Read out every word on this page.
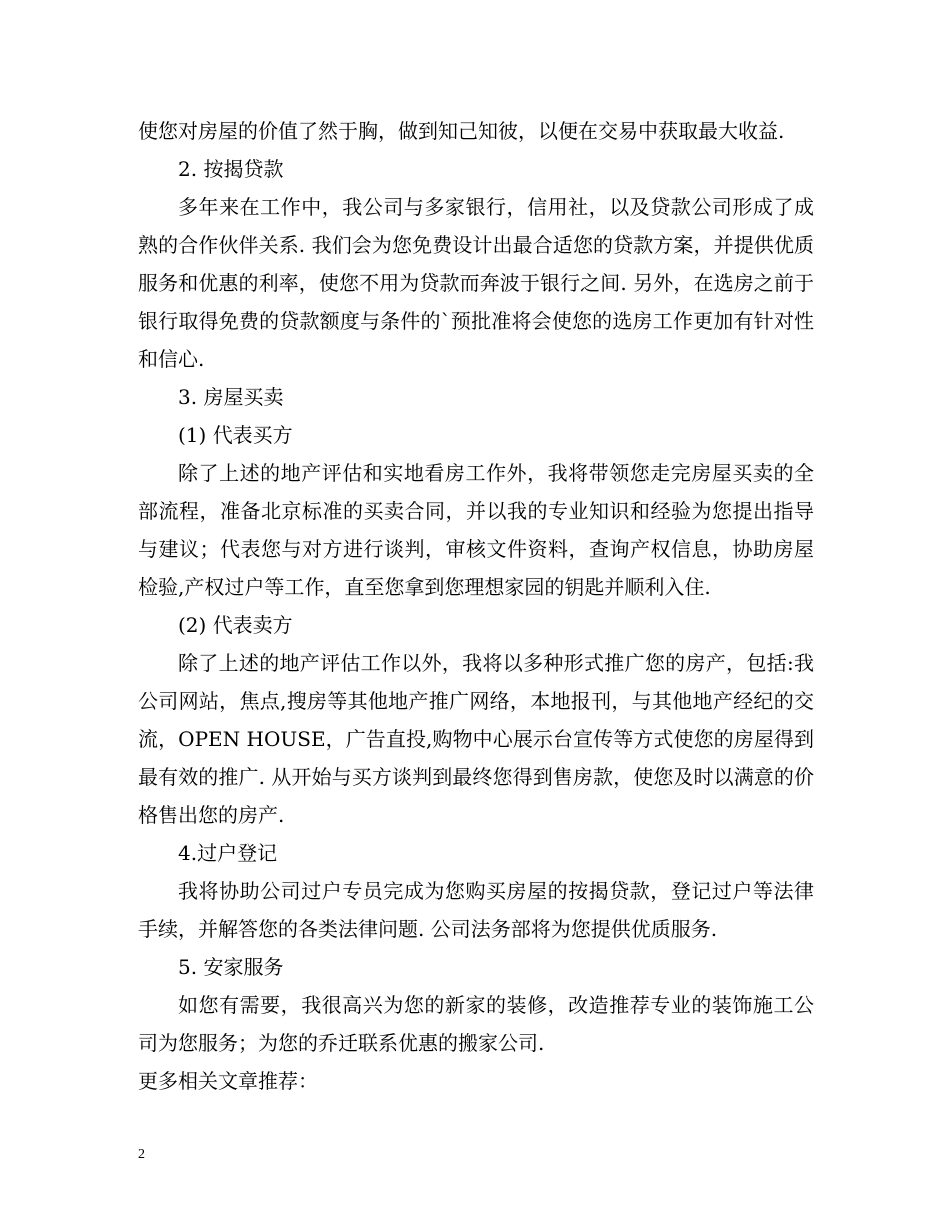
使您对房屋的价值了然于胸，做到知己知彼，以便在交易中获取最大收益.

2. 按揭贷款

多年来在工作中，我公司与多家银行，信用社，以及贷款公司形成了成熟的合作伙伴关系. 我们会为您免费设计出最合适您的贷款方案，并提供优质服务和优惠的利率，使您不用为贷款而奔波于银行之间. 另外，在选房之前于银行取得免费的贷款额度与条件的`预批准将会使您的选房工作更加有针对性和信心.

3. 房屋买卖

(1) 代表买方

除了上述的地产评估和实地看房工作外，我将带领您走完房屋买卖的全部流程，准备北京标准的买卖合同，并以我的专业知识和经验为您提出指导与建议；代表您与对方进行谈判，审核文件资料，查询产权信息，协助房屋检验,产权过户等工作，直至您拿到您理想家园的钥匙并顺利入住.

(2) 代表卖方

除了上述的地产评估工作以外，我将以多种形式推广您的房产，包括:我公司网站，焦点,搜房等其他地产推广网络，本地报刊，与其他地产经纪的交流，OPEN HOUSE，广告直投,购物中心展示台宣传等方式使您的房屋得到最有效的推广. 从开始与买方谈判到最终您得到售房款，使您及时以满意的价格售出您的房产.

4.过户登记

我将协助公司过户专员完成为您购买房屋的按揭贷款，登记过户等法律手续，并解答您的各类法律问题. 公司法务部将为您提供优质服务.

5. 安家服务

如您有需要，我很高兴为您的新家的装修，改造推荐专业的装饰施工公司为您服务；为您的乔迁联系优惠的搬家公司.

更多相关文章推荐：

2
